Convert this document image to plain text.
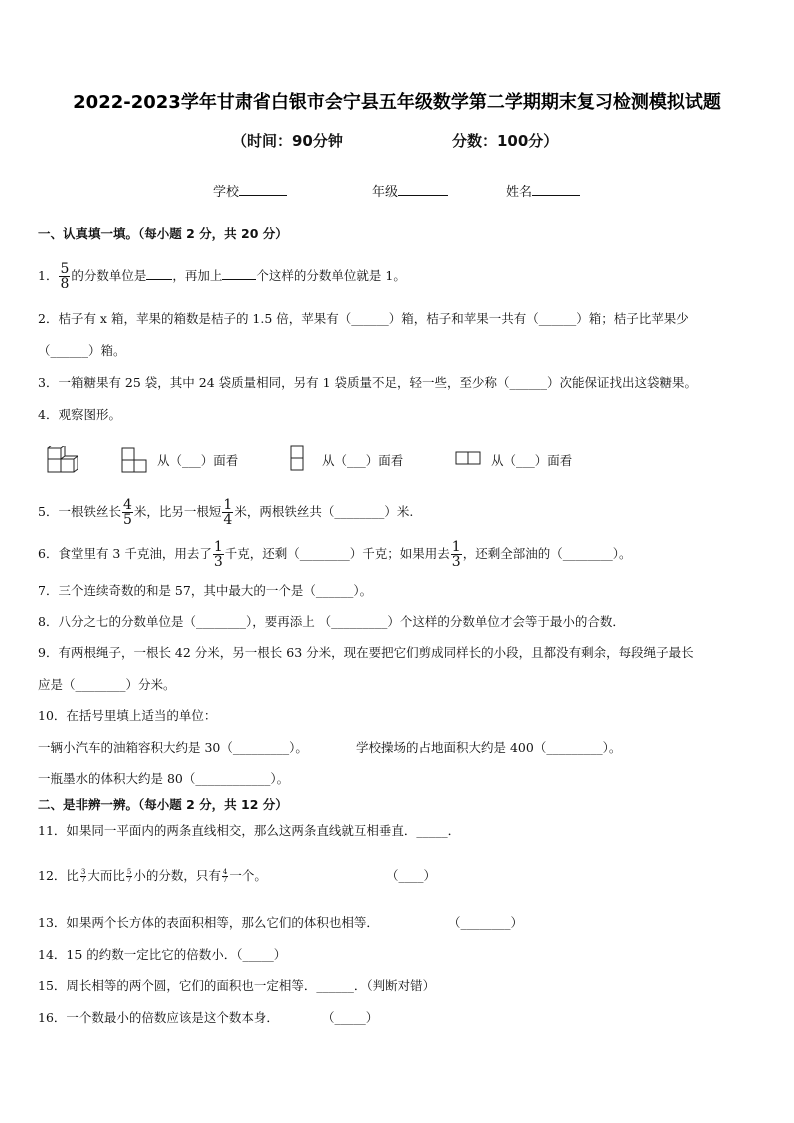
2022-2023学年甘肃省白银市会宁县五年级数学第二学期期末复习检测模拟试题
（时间：90分钟	分数：100分）
学校	年级	姓名
一、认真填一填。（每小题 2 分，共 20 分）
1． $\frac{5}{8}$ 的分数单位是 ，再加上	个这样的分数单位就是 1。
2．桔子有 x 箱，苹果的箱数是桔子的 1.5 倍，苹果有（______）箱，桔子和苹果一共有（______）箱；桔子比苹果少
（______）箱。
3．一箱糖果有 25 袋，其中 24 袋质量相同，另有 1 袋质量不足，轻一些，至少称（______）次能保证找出这袋糖果。
4．观察图形。
从（___）面看	从（___）面看	从（___）面看
5．一根铁丝长 $\frac{4}{5}$ 米，比另一根短 $\frac{1}{4}$ 米，两根铁丝共（________）米.
6．食堂里有 3 千克油，用去了 $\frac{1}{3}$ 千克，还剩（________）千克；如果用去 $\frac{1}{3}$ ，还剩全部油的（________）。
7．三个连续奇数的和是 57，其中最大的一个是（______）。
8．八分之七的分数单位是（________），要再添上 （_________）个这样的分数单位才会等于最小的合数．
9．有两根绳子，一根长 42 分米，另一根长 63 分米，现在要把它们剪成同样长的小段，且都没有剩余，每段绳子最长
应是（________）分米。
10．在括号里填上适当的单位：
一辆小汽车的油箱容积大约是 30（_________）。	学校操场的占地面积大约是 400（_________）。
一瓶墨水的体积大约是 80（____________）。
二、是非辨一辨。（每小题 2 分，共 12 分）
11．如果同一平面内的两条直线相交，那么这两条直线就互相垂直．_____．
12．比 $\frac{3}{7}$ 大而比 $\frac{5}{7}$ 小的分数，只有 $\frac{4}{7}$ 一个。	（____）
13．如果两个长方体的表面积相等，那么它们的体积也相等．	（________）
14．15 的约数一定比它的倍数小．（_____）
15．周长相等的两个圆，它们的面积也一定相等．______．（判断对错）
16．一个数最小的倍数应该是这个数本身．	（_____）
